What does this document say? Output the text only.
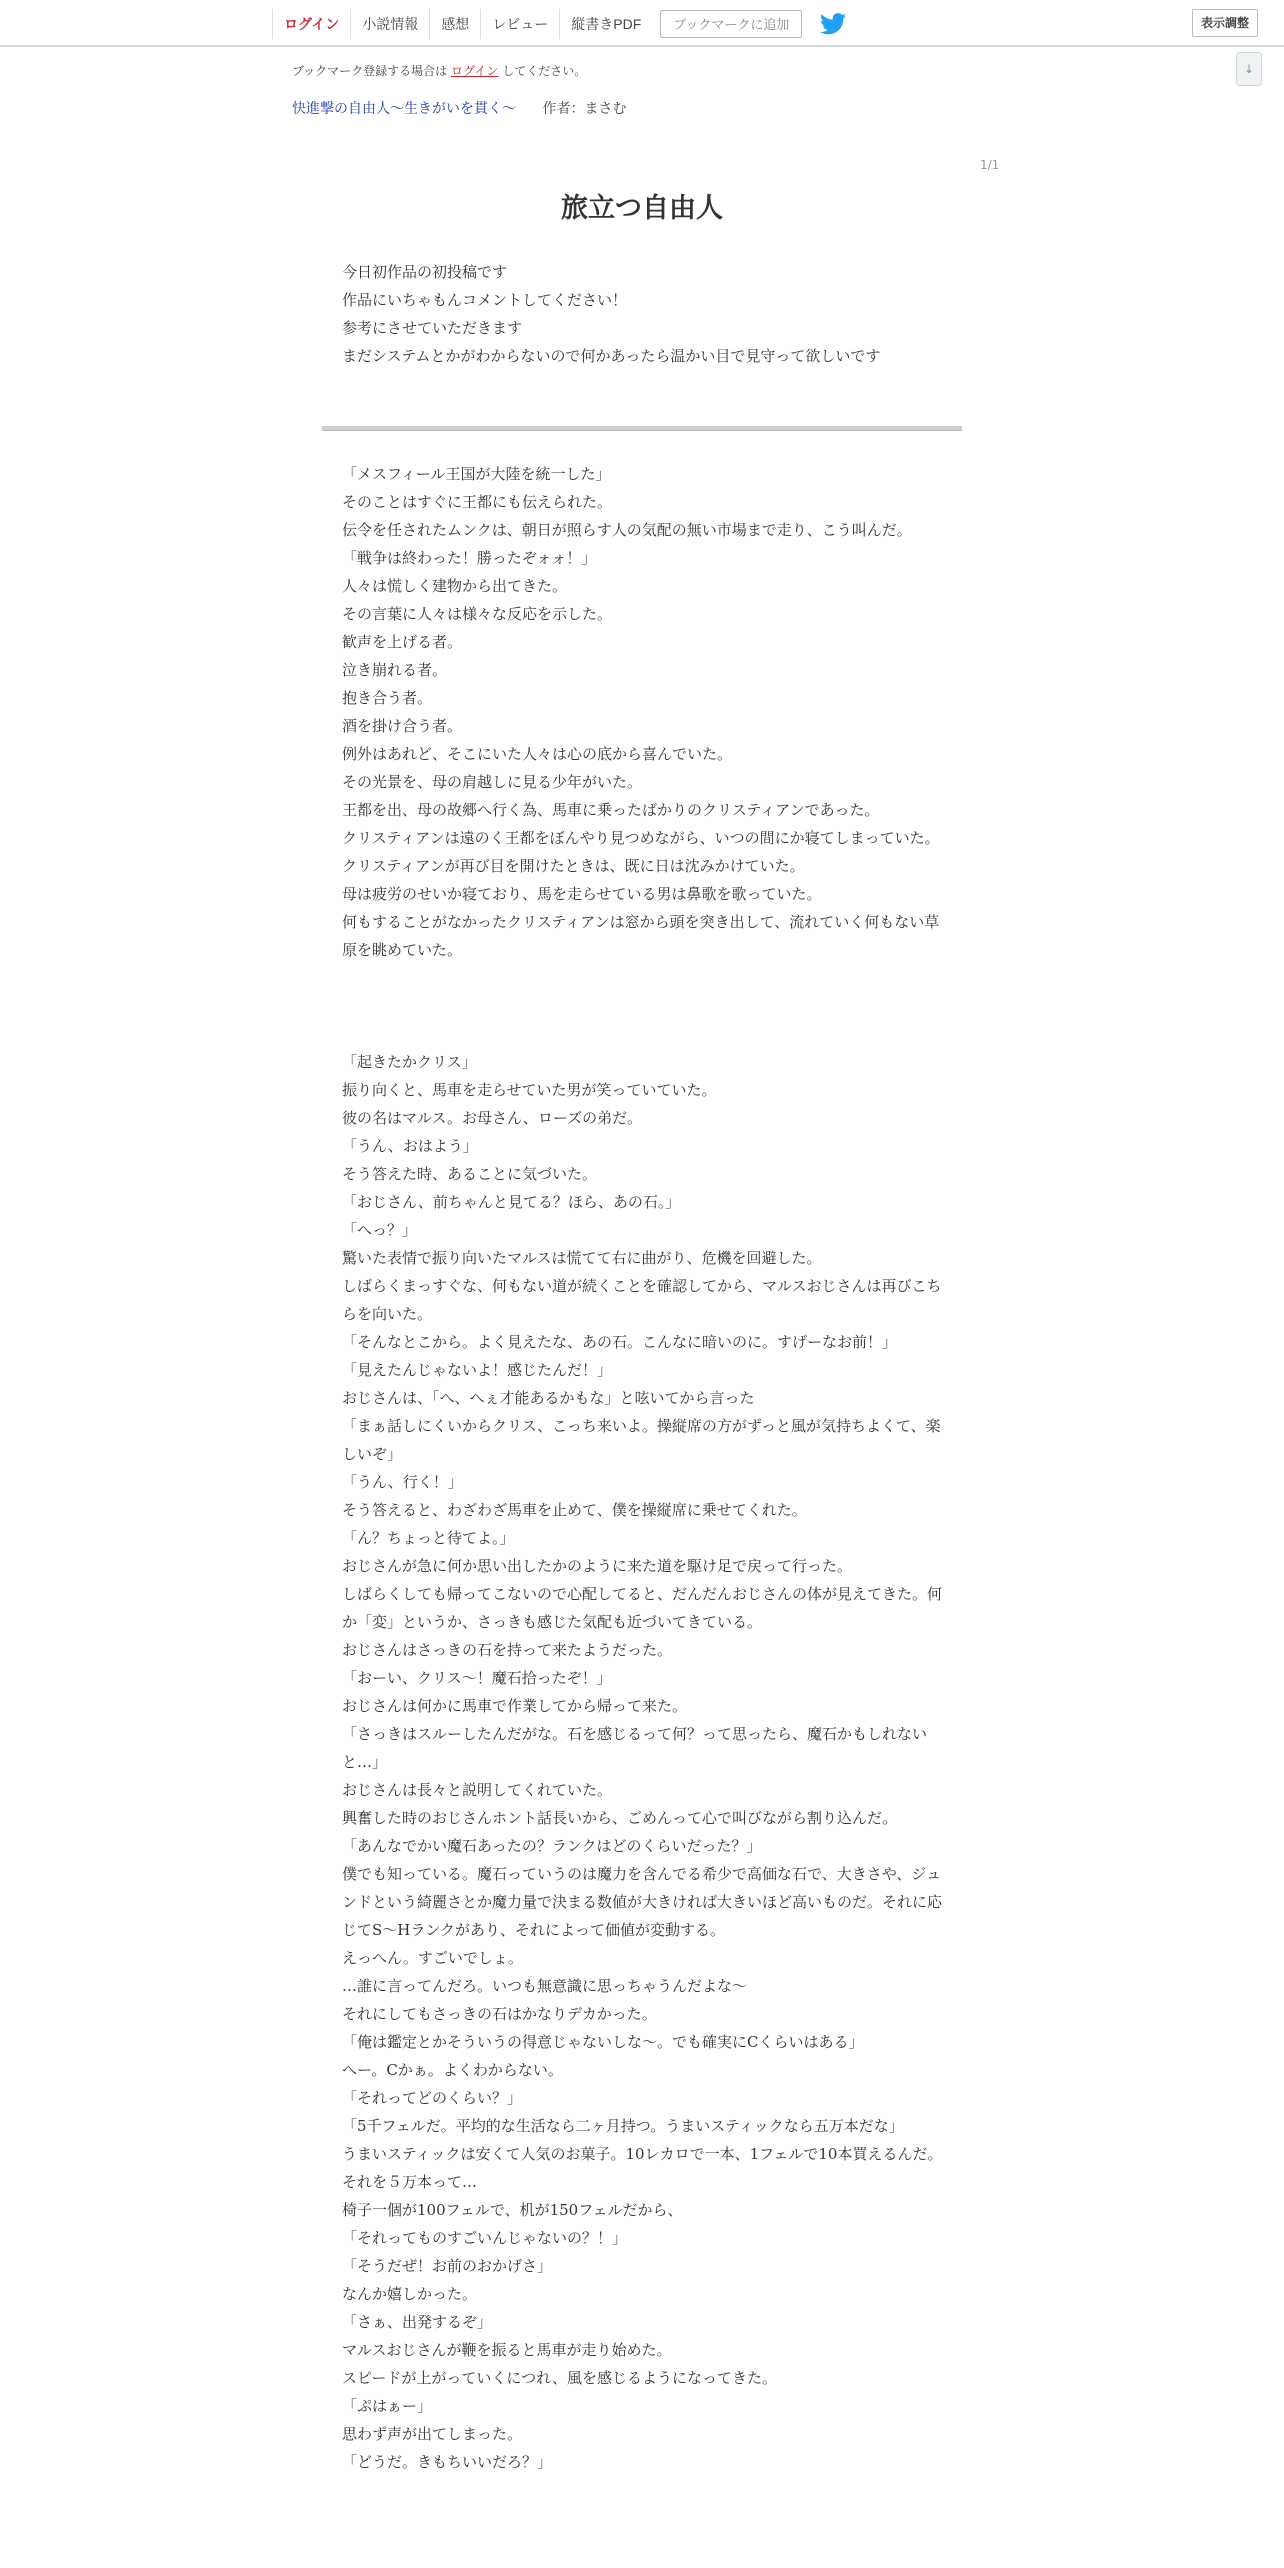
ログイン	小説情報	感想	レビュー	縦書きPDF	ブックマークに追加	表示調整
↓
ブックマーク登録する場合は ログイン してください。
快進撃の自由人〜生きがいを貫く〜 作者：まさむ
1/1
旅立つ自由人

今日初作品の初投稿です

作品にいちゃもんコメントしてください！

参考にさせていただきます

まだシステムとかがわからないので何かあったら温かい目で見守って欲しいです

「メスフィール王国が大陸を統一した」

そのことはすぐに王都にも伝えられた。

伝令を任されたムンクは、朝日が照らす人の気配の無い市場まで走り、こう叫んだ。

「戦争は終わった！勝ったぞォォ！」

人々は慌しく建物から出てきた。

その言葉に人々は様々な反応を示した。

歓声を上げる者。

泣き崩れる者。

抱き合う者。

酒を掛け合う者。

例外はあれど、そこにいた人々は心の底から喜んでいた。

その光景を、母の肩越しに見る少年がいた。

王都を出、母の故郷へ行く為、馬車に乗ったばかりのクリスティアンであった。

クリスティアンは遠のく王都をぼんやり見つめながら、いつの間にか寝てしまっていた。

クリスティアンが再び目を開けたときは、既に日は沈みかけていた。

母は疲労のせいか寝ており、馬を走らせている男は鼻歌を歌っていた。

何もすることがなかったクリスティアンは窓から頭を突き出して、流れていく何もない草原を眺めていた。

「起きたかクリス」

振り向くと、馬車を走らせていた男が笑っていていた。

彼の名はマルス。お母さん、ローズの弟だ。

「うん、おはよう」

そう答えた時、あることに気づいた。

「おじさん、前ちゃんと見てる？ほら、あの石。」

「へっ？」

驚いた表情で振り向いたマルスは慌てて右に曲がり、危機を回避した。

しばらくまっすぐな、何もない道が続くことを確認してから、マルスおじさんは再びこちらを向いた。

「そんなとこから。よく見えたな、あの石。こんなに暗いのに。すげーなお前！」

「見えたんじゃないよ！感じたんだ！」

おじさんは、「へ、へぇ才能あるかもな」と呟いてから言った

「まぁ話しにくいからクリス、こっち来いよ。操縦席の方がずっと風が気持ちよくて、楽しいぞ」

「うん、行く！」

そう答えると、わざわざ馬車を止めて、僕を操縦席に乗せてくれた。

「ん？ちょっと待てよ。」

おじさんが急に何か思い出したかのように来た道を駆け足で戻って行った。

しばらくしても帰ってこないので心配してると、だんだんおじさんの体が見えてきた。何か「変」というか、さっきも感じた気配も近づいてきている。

おじさんはさっきの石を持って来たようだった。

「おーい、クリス〜！魔石拾ったぞ！」

おじさんは何かに馬車で作業してから帰って来た。

「さっきはスルーしたんだがな。石を感じるって何？って思ったら、魔石かもしれないと…」

おじさんは長々と説明してくれていた。

興奮した時のおじさんホント話長いから、ごめんって心で叫びながら割り込んだ。

「あんなでかい魔石あったの？ランクはどのくらいだった？」

僕でも知っている。魔石っていうのは魔力を含んでる希少で高価な石で、大きさや、ジュンドという綺麗さとか魔力量で決まる数値が大きければ大きいほど高いものだ。それに応じてS〜Hランクがあり、それによって価値が変動する。

えっへん。すごいでしょ。

…誰に言ってんだろ。いつも無意識に思っちゃうんだよな〜

それにしてもさっきの石はかなりデカかった。

「俺は鑑定とかそういうの得意じゃないしな〜。でも確実にCくらいはある」

へー。Cかぁ。よくわからない。

「それってどのくらい？」

「5千フェルだ。平均的な生活なら二ヶ月持つ。うまいスティックなら五万本だな」

うまいスティックは安くて人気のお菓子。10レカロで一本、1フェルで10本買えるんだ。

それを５万本って…

椅子一個が100フェルで、机が150フェルだから、

「それってものすごいんじゃないの？！」

「そうだぜ！お前のおかげさ」

なんか嬉しかった。

「さぁ、出発するぞ」

マルスおじさんが鞭を振ると馬車が走り始めた。

スピードが上がっていくにつれ、風を感じるようになってきた。

「ぷはぁー」

思わず声が出てしまった。

「どうだ。きもちいいだろ？」
